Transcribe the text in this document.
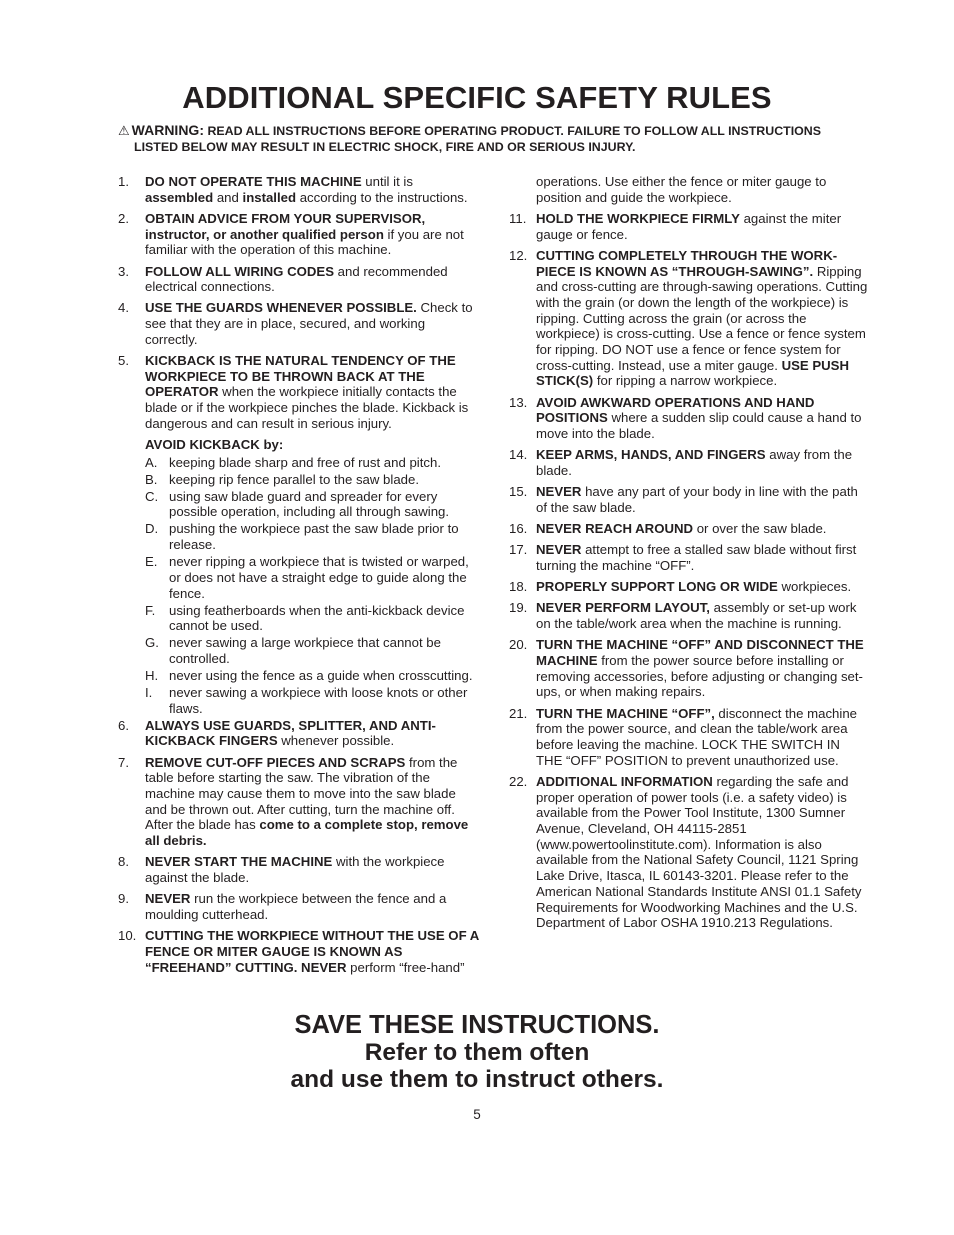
ADDITIONAL SPECIFIC SAFETY RULES
⚠ WARNING: READ ALL INSTRUCTIONS BEFORE OPERATING PRODUCT. FAILURE TO FOLLOW ALL INSTRUCTIONS
LISTED BELOW MAY RESULT IN ELECTRIC SHOCK, FIRE AND OR SERIOUS INJURY.
1.	DO NOT OPERATE THIS MACHINE until it is assembled and installed according to the instructions.
2.	OBTAIN ADVICE FROM YOUR SUPERVISOR, instructor, or another qualified person if you are not familiar with the operation of this machine.
3.	FOLLOW ALL WIRING CODES and recommended electrical connections.
4.	USE THE GUARDS WHENEVER POSSIBLE. Check to see that they are in place, secured, and working correctly.
5.	KICKBACK IS THE NATURAL TENDENCY OF THE WORKPIECE TO BE THROWN BACK AT THE OPERATOR when the workpiece initially contacts the blade or if the workpiece pinches the blade. Kickback is dangerous and can result in serious injury.
AVOID KICKBACK by:
A. keeping blade sharp and free of rust and pitch.
B. keeping rip fence parallel to the saw blade.
C. using saw blade guard and spreader for every possible operation, including all through sawing.
D. pushing the workpiece past the saw blade prior to release.
E. never ripping a workpiece that is twisted or warped, or does not have a straight edge to guide along the fence.
F.	using featherboards when the anti-kickback device cannot be used.
G. never sawing a large workpiece that cannot be controlled.
H. never using the fence as a guide when crosscutting.
I.	never sawing a workpiece with loose knots or other flaws.
6.	ALWAYS USE GUARDS, SPLITTER, AND ANTI-KICKBACK FINGERS whenever possible.
7.	REMOVE CUT-OFF PIECES AND SCRAPS from the table before starting the saw. The vibration of the machine may cause them to move into the saw blade and be thrown out. After cutting, turn the machine off. After the blade has come to a complete stop, remove all debris.
8.	NEVER START THE MACHINE with the workpiece against the blade.
9.	NEVER run the workpiece between the fence and a moulding cutterhead.
10. CUTTING THE WORKPIECE WITHOUT THE USE OF A FENCE OR MITER GAUGE IS KNOWN AS “FREEHAND” CUTTING. NEVER perform “free-hand”
operations. Use either the fence or miter gauge to position and guide the workpiece.
11. HOLD THE WORKPIECE FIRMLY against the miter gauge or fence.
12. CUTTING COMPLETELY THROUGH THE WORK-PIECE IS KNOWN AS “THROUGH-SAWING”. Ripping and cross-cutting are through-sawing operations. Cutting with the grain (or down the length of the workpiece) is ripping. Cutting across the grain (or across the workpiece) is cross-cutting. Use a fence or fence system for ripping. DO NOT use a fence or fence system for cross-cutting. Instead, use a miter gauge. USE PUSH STICK(S) for ripping a narrow workpiece.
13. AVOID AWKWARD OPERATIONS AND HAND POSITIONS where a sudden slip could cause a hand to move into the blade.
14. KEEP ARMS, HANDS, AND FINGERS away from the blade.
15. NEVER have any part of your body in line with the path of the saw blade.
16. NEVER REACH AROUND or over the saw blade.
17. NEVER attempt to free a stalled saw blade without first turning the machine “OFF”.
18. PROPERLY SUPPORT LONG OR WIDE workpieces.
19. NEVER PERFORM LAYOUT, assembly or set-up work on the table/work area when the machine is running.
20. TURN THE MACHINE “OFF” AND DISCONNECT THE MACHINE from the power source before installing or removing accessories, before adjusting or changing set-ups, or when making repairs.
21. TURN THE MACHINE “OFF”, disconnect the machine from the power source, and clean the table/work area before leaving the machine. LOCK THE SWITCH IN THE “OFF” POSITION to prevent unauthorized use.
22. ADDITIONAL INFORMATION regarding the safe and proper operation of power tools (i.e. a safety video) is available from the Power Tool Institute, 1300 Sumner Avenue, Cleveland, OH 44115-2851 (www.powertoolinstitute.com). Information is also available from the National Safety Council, 1121 Spring Lake Drive, Itasca, IL 60143-3201. Please refer to the American National Standards Institute ANSI 01.1 Safety Requirements for Woodworking Machines and the U.S. Department of Labor OSHA 1910.213 Regulations.
SAVE THESE INSTRUCTIONS.
Refer to them often
and use them to instruct others.
5
